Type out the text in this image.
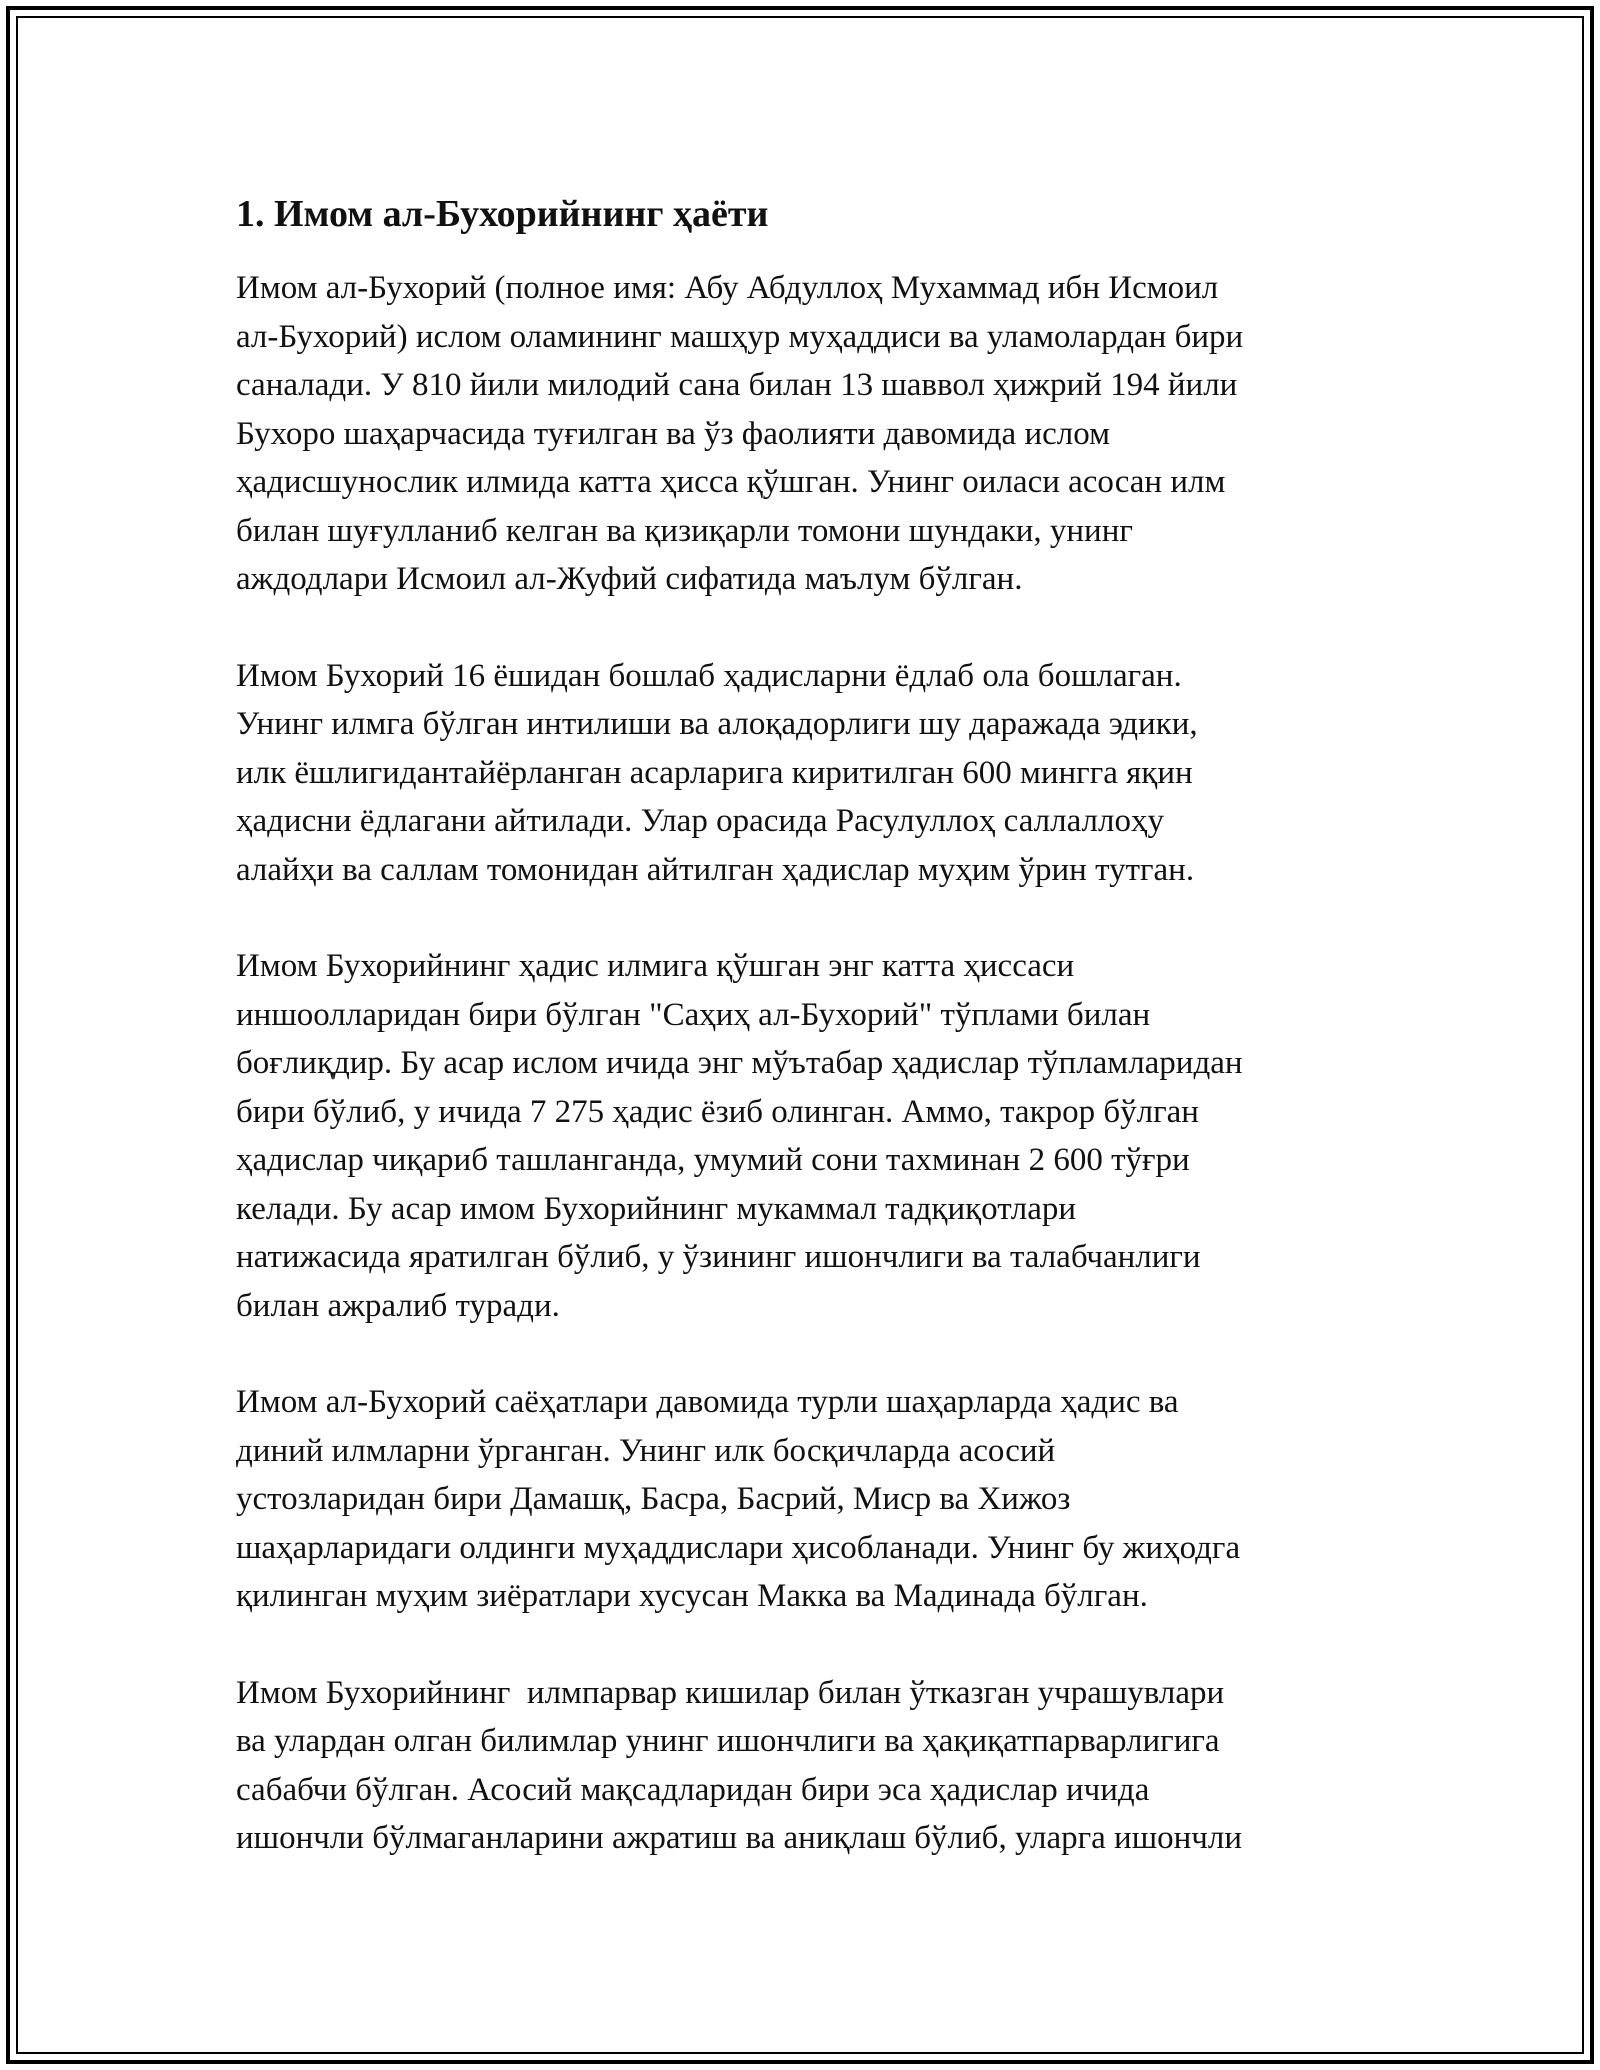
1. Имом ал-Бухорийнинг ҳаёти

Имом ал-Бухорий (полное имя: Абу Абдуллоҳ Мухаммад ибн Исмоил
ал-Бухорий) ислом оламининг машҳур муҳаддиси ва уламолардан бири
саналади. У 810 йили милодий сана билан 13 шаввол ҳижрий 194 йили
Бухоро шаҳарчасида туғилган ва ўз фаолияти давомида ислом
ҳадисшунослик илмида катта ҳисса қўшган. Унинг оиласи асосан илм
билан шуғулланиб келган ва қизиқарли томони шундаки, унинг
аждодлари Исмоил ал-Жуфий сифатида маълум бўлган.

Имом Бухорий 16 ёшидан бошлаб ҳадисларни ёдлаб ола бошлаган.
Унинг илмга бўлган интилиши ва алоқадорлиги шу даражада эдики,
илк ёшлигидантайёрланган асарларига киритилган 600 мингга яқин
ҳадисни ёдлагани айтилади. Улар орасида Расулуллоҳ саллаллоҳу
алайҳи ва саллам томонидан айтилган ҳадислар муҳим ўрин тутган.

Имом Бухорийнинг ҳадис илмига қўшган энг катта ҳиссаси
иншоолларидан бири бўлган "Саҳиҳ ал-Бухорий" тўплами билан
боғлиқдир. Бу асар ислом ичида энг мўътабар ҳадислар тўпламларидан
бири бўлиб, у ичида 7 275 ҳадис ёзиб олинган. Аммо, такрор бўлган
ҳадислар чиқариб ташланганда, умумий сони тахминан 2 600 тўғри
келади. Бу асар имом Бухорийнинг мукаммал тадқиқотлари
натижасида яратилган бўлиб, у ўзининг ишончлиги ва талабчанлиги
билан ажралиб туради.

Имом ал-Бухорий саёҳатлари давомида турли шаҳарларда ҳадис ва
диний илмларни ўрганган. Унинг илк босқичларда асосий
устозларидан бири Дамашқ, Басра, Басрий, Миср ва Хижоз
шаҳарларидаги олдинги муҳаддислари ҳисобланади. Унинг бу жиҳодга
қилинган муҳим зиёратлари хусусан Макка ва Мадинада бўлган.

Имом Бухорийнинг  илмпарвар кишилар билан ўтказган учрашувлари
ва улардан олган билимлар унинг ишончлиги ва ҳақиқатпарварлигига
сабабчи бўлган. Асосий мақсадларидан бири эса ҳадислар ичида
ишончли бўлмаганларини ажратиш ва аниқлаш бўлиб, уларга ишончли
